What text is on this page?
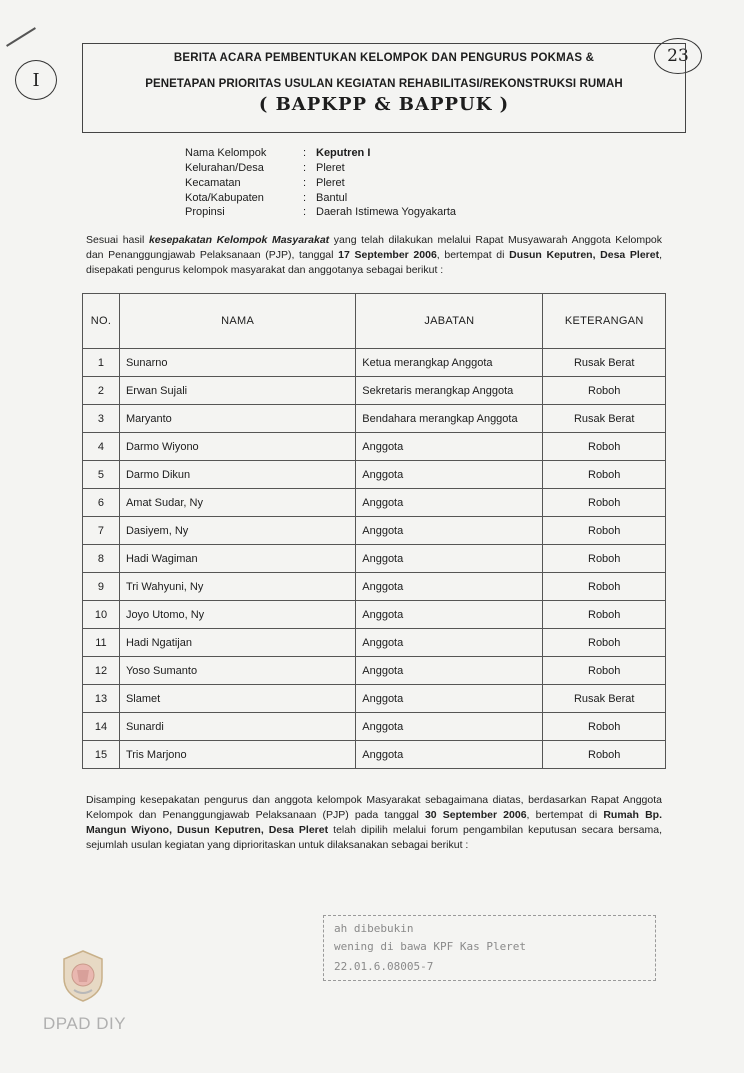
I
23
BERITA ACARA PEMBENTUKAN KELOMPOK DAN PENGURUS POKMAS &
PENETAPAN PRIORITAS USULAN KEGIATAN REHABILITASI/REKONSTRUKSI RUMAH
( BAPKPP & BAPPUK )
Nama Kelompok	: Keputren I
Kelurahan/Desa	: Pleret
Kecamatan	: Pleret
Kota/Kabupaten	: Bantul
Propinsi	: Daerah Istimewa Yogyakarta
Sesuai hasil kesepakatan Kelompok Masyarakat yang telah dilakukan melalui Rapat Musyawarah Anggota Kelompok dan Penanggungjawab Pelaksanaan (PJP), tanggal 17 September 2006, bertempat di Dusun Keputren, Desa Pleret, disepakati pengurus kelompok masyarakat dan anggotanya sebagai berikut :
NO.	NAMA	JABATAN	KETERANGAN
1	Sunarno	Ketua merangkap Anggota	Rusak Berat
2	Erwan Sujali	Sekretaris merangkap Anggota	Roboh
3	Maryanto	Bendahara merangkap Anggota	Rusak Berat
4	Darmo Wiyono	Anggota	Roboh
5	Darmo Dikun	Anggota	Roboh
6	Amat Sudar, Ny	Anggota	Roboh
7	Dasiyem, Ny	Anggota	Roboh
8	Hadi Wagiman	Anggota	Roboh
9	Tri Wahyuni, Ny	Anggota	Roboh
10	Joyo Utomo, Ny	Anggota	Roboh
11	Hadi Ngatijan	Anggota	Roboh
12	Yoso Sumanto	Anggota	Roboh
13	Slamet	Anggota	Rusak Berat
14	Sunardi	Anggota	Roboh
15	Tris Marjono	Anggota	Roboh
Disamping kesepakatan pengurus dan anggota kelompok Masyarakat sebagaimana diatas, berdasarkan Rapat Anggota Kelompok dan Penanggungjawab Pelaksanaan (PJP) pada tanggal 30 September 2006, bertempat di Rumah Bp. Mangun Wiyono, Dusun Keputren, Desa Pleret telah dipilih melalui forum pengambilan keputusan secara bersama, sejumlah usulan kegiatan yang diprioritaskan untuk dilaksanakan sebagai berikut :
ah dibebukin
wening di bawa KPF Kas Pleret
22.01.6.08005-7
DPAD DIY
